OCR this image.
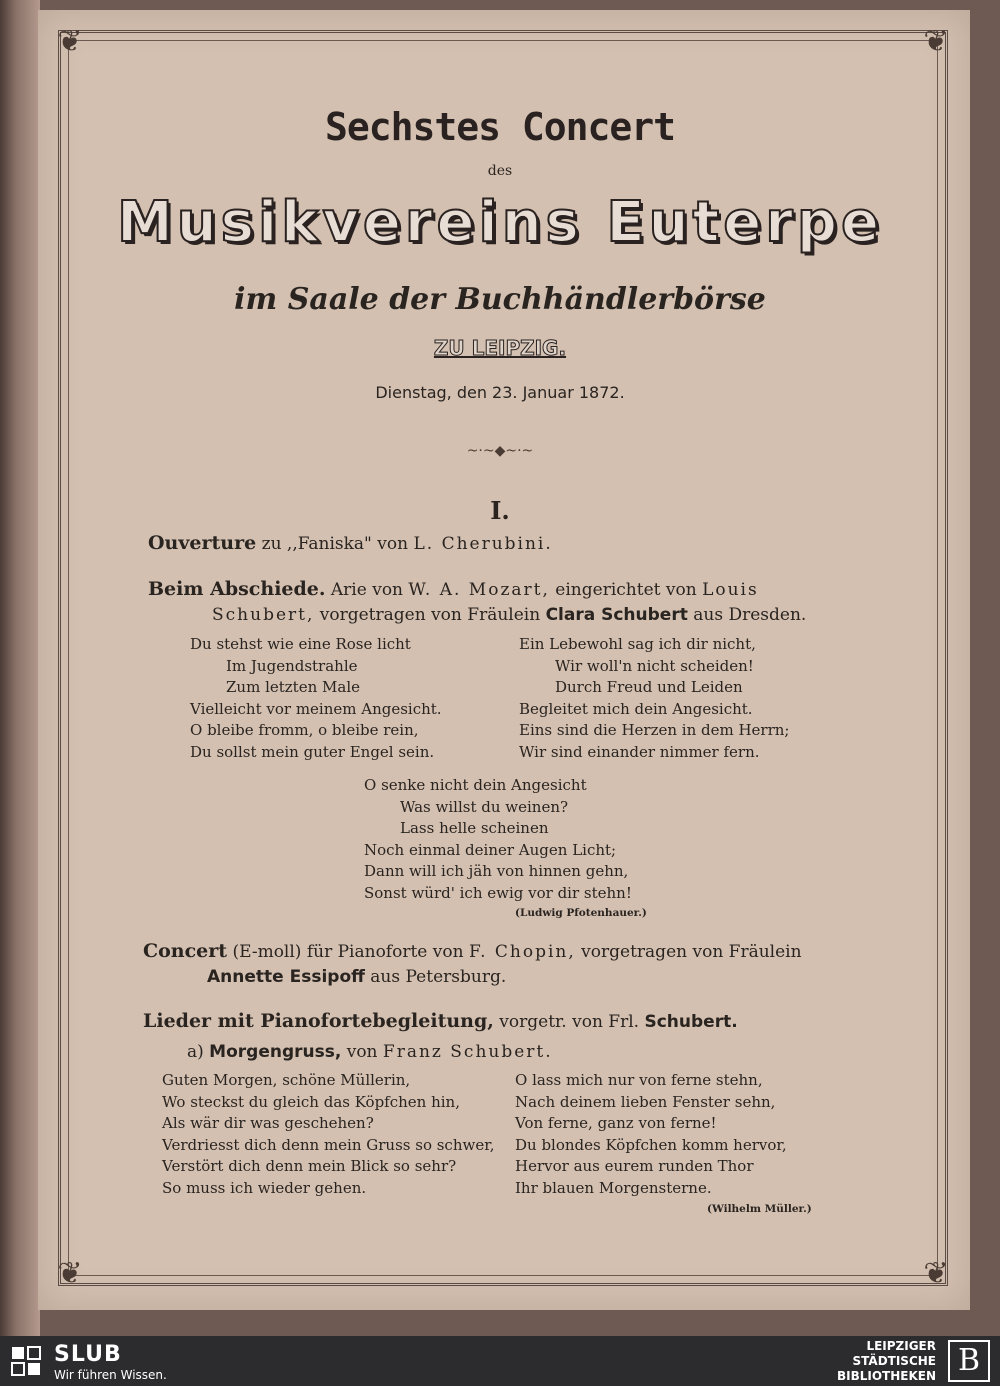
❦	❦
❦	❦
Sechstes Concert
des
Musikvereins Euterpe
im Saale der Buchhändlerbörse
ZU LEIPZIG.
Dienstag, den 23. Januar 1872.
~·~◆~·~
I.
Ouverture zu ,,Faniska" von L. Cherubini.
Beim Abschiede. Arie von W. A. Mozart, eingerichtet von Louis
Schubert, vorgetragen von Fräulein Clara Schubert aus Dresden.
Du stehst wie eine Rose licht
Im Jugendstrahle
Zum letzten Male
Vielleicht vor meinem Angesicht.
O bleibe fromm, o bleibe rein,
Du sollst mein guter Engel sein.
Ein Lebewohl sag ich dir nicht,
Wir woll'n nicht scheiden!
Durch Freud und Leiden
Begleitet mich dein Angesicht.
Eins sind die Herzen in dem Herrn;
Wir sind einander nimmer fern.
O senke nicht dein Angesicht
Was willst du weinen?
Lass helle scheinen
Noch einmal deiner Augen Licht;
Dann will ich jäh von hinnen gehn,
Sonst würd' ich ewig vor dir stehn!
(Ludwig Pfotenhauer.)
Concert (E-moll) für Pianoforte von F. Chopin, vorgetragen von Fräulein
Annette Essipoff aus Petersburg.
Lieder mit Pianofortebegleitung, vorgetr. von Frl. Schubert.
a) Morgengruss, von Franz Schubert.
Guten Morgen, schöne Müllerin,
Wo steckst du gleich das Köpfchen hin,
Als wär dir was geschehen?
Verdriesst dich denn mein Gruss so schwer,
Verstört dich denn mein Blick so sehr?
So muss ich wieder gehen.
O lass mich nur von ferne stehn,
Nach deinem lieben Fenster sehn,
Von ferne, ganz von ferne!
Du blondes Köpfchen komm hervor,
Hervor aus eurem runden Thor
Ihr blauen Morgensterne.
(Wilhelm Müller.)
SLUB
Wir führen Wissen.
LEIPZIGER
STÄDTISCHE
BIBLIOTHEKEN B
